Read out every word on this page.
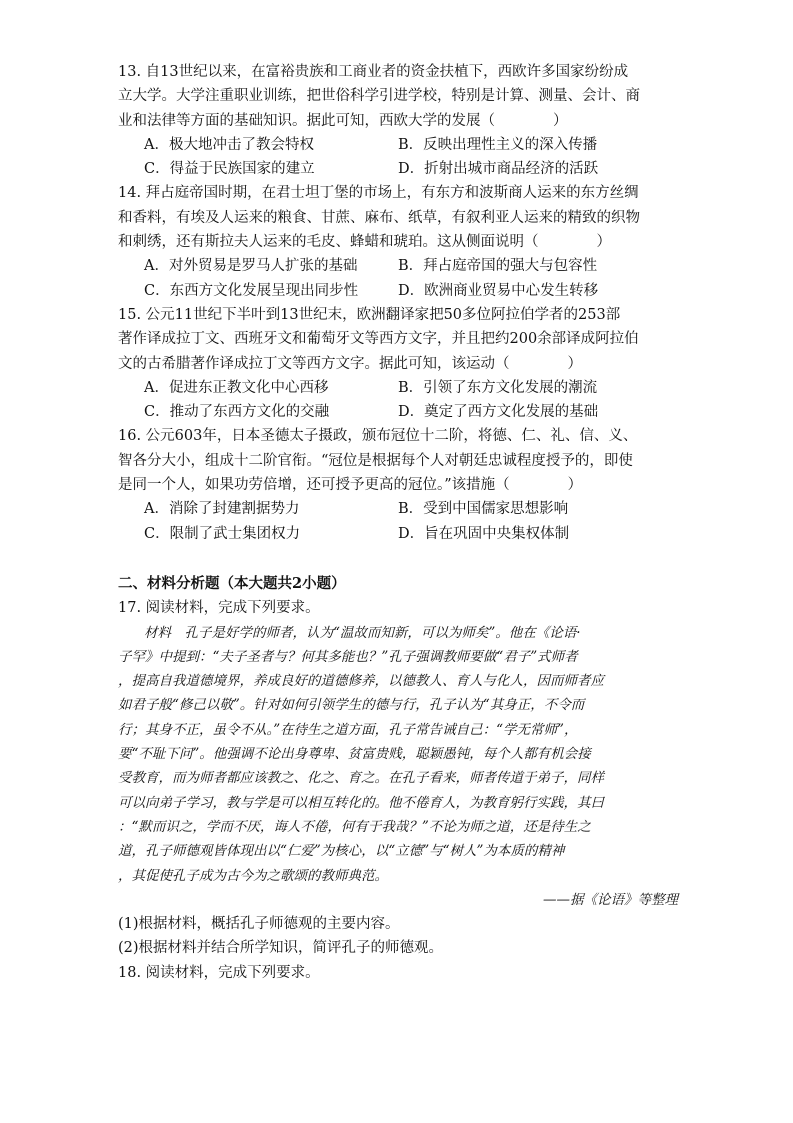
13. 自13世纪以来，在富裕贵族和工商业者的资金扶植下，西欧许多国家纷纷成
立大学。大学注重职业训练，把世俗科学引进学校，特别是计算、测量、会计、商
业和法律等方面的基础知识。据此可知，西欧大学的发展（　　　　）
A．极大地冲击了教会特权	B．反映出理性主义的深入传播
C．得益于民族国家的建立	D．折射出城市商品经济的活跃
14. 拜占庭帝国时期，在君士坦丁堡的市场上，有东方和波斯商人运来的东方丝绸
和香料，有埃及人运来的粮食、甘蔗、麻布、纸草，有叙利亚人运来的精致的织物
和刺绣，还有斯拉夫人运来的毛皮、蜂蜡和琥珀。这从侧面说明（　　　　）
A．对外贸易是罗马人扩张的基础	B．拜占庭帝国的强大与包容性
C．东西方文化发展呈现出同步性	D．欧洲商业贸易中心发生转移
15. 公元11世纪下半叶到13世纪末，欧洲翻译家把50多位阿拉伯学者的253部
著作译成拉丁文、西班牙文和葡萄牙文等西方文字，并且把约200余部译成阿拉伯
文的古希腊著作译成拉丁文等西方文字。据此可知，该运动（　　　　）
A．促进东正教文化中心西移	B．引领了东方文化发展的潮流
C．推动了东西方文化的交融	D．奠定了西方文化发展的基础
16. 公元603年，日本圣德太子摄政，颁布冠位十二阶，将德、仁、礼、信、义、
智各分大小，组成十二阶官衔。“冠位是根据每个人对朝廷忠诚程度授予的，即使
是同一个人，如果功劳倍增，还可授予更高的冠位。”该措施（　　　　）
A．消除了封建割据势力	B．受到中国儒家思想影响
C．限制了武士集团权力	D．旨在巩固中央集权体制
二、材料分析题（本大题共2小题）
17. 阅读材料，完成下列要求。
材料　孔子是好学的师者，认为“温故而知新，可以为师矣”。他在《论语·
子罕》中提到：“夫子圣者与？何其多能也？”孔子强调教师要做“君子”式师者
，提高自我道德境界，养成良好的道德修养，以德教人、育人与化人，因而师者应
如君子般“修己以敬”。针对如何引领学生的德与行，孔子认为“其身正，不令而
行；其身不正，虽令不从。”在待生之道方面，孔子常告诫自己：“学无常师”，
要“不耻下问”。他强调不论出身尊卑、贫富贵贱，聪颖愚钝，每个人都有机会接
受教育，而为师者都应该教之、化之、育之。在孔子看来，师者传道于弟子，同样
可以向弟子学习，教与学是可以相互转化的。他不倦育人，为教育躬行实践，其曰
：“默而识之，学而不厌，诲人不倦，何有于我哉？”不论为师之道，还是待生之
道，孔子师德观皆体现出以“仁爱”为核心，以“立德”与“树人”为本质的精神
，其促使孔子成为古今为之歌颂的教师典范。
——据《论语》等整理
(1)根据材料，概括孔子师德观的主要内容。
(2)根据材料并结合所学知识，简评孔子的师德观。
18. 阅读材料，完成下列要求。
